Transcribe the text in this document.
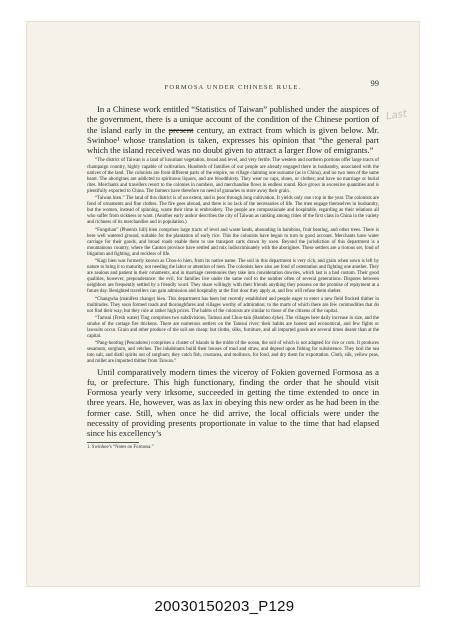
FORMOSA UNDER CHINESE RULE.	99
Last

In a Chinese work entitled “Statistics of Taiwan” published under the auspices of the government, there is a unique account of the condition of the Chinese portion of the island early in the present century, an extract from which is given below. Mr. Swinhoe¹ whose translation is taken, expresses his opinion that “the general part which the island received was no doubt given to attract a larger flow of emigrants.”

“The district of Taiwan is a land of luxuriant vegetation, broad and level, and very fertile. The western and northern portions offer large tracts of champaign country, highly capable of cultivation. Hundreds of families of our people are already engaged there in husbandry, associated with the natives of the land. The colonists are from different parts of the empire, no village claiming one surname (as in China), and no two men of the same heart. The aborigines are addicted to spirituous liquors, and are bloodthirsty. They wear no caps, shoes, or clothes; and have no marriage or burial rites. Merchants and travellers resort to the colonies in numbers, and merchandise flows in endless round. Rice grows in excessive quantities and is plentifully exported to China. The farmers have therefore no need of granaries to store away their grain.

“Taiwan hien.” The land of this district is of no extent, and is poor through long cultivation. It yields only one crop in the year. The colonists are fond of ornaments and fine clothes. The fire goes abroad, and there is no lack of the necessaries of life. The men engage themselves in husbandry, but the women, instead of spinning, waste their time in embroidery. The people are compassionate and hospitable, regarding as their relations all who suffer from sickness or want. (Another early author describes the city of Taiwan as ranking among cities of the first class in China in the variety and richness of its merchandise and in population.)

“Fungshan” (Phoenix hill) hien comprises large tracts of level and waste lands, abounding in bamboos, fruit bearing, and other trees. There is here well watered ground, suitable for the plantation of early rice. This the colonists have begun to turn to good account. Merchants have water carriage for their goods, and broad roads enable them to use transport carts drawn by oxen. Beyond the jurisdiction of this department is a mountainous country, where the Canton province have settled and mix indiscriminately with the aborigines. These settlers are a riotous set, fond of litigation and fighting, and reckless of life.

“Kagi hien was formerly known as Chou-lo hien, from its native name. The soil in this department is very rich, and grain when sown is left by nature to bring it to maturity, not needing the labor or attention of men. The colonists here also are fond of ostentation and fighting one another. They are zealous and patient in their ornaments, and in marriage ceremonies they take into consideration dowries, which last is a bad custom. Their good qualities, however, preponderance: the evil, for families live under the same roof to the number often of several generations. Disputes between neighbors are frequently settled by a friendly word. They share willingly with their friends anything they possess on the promise of repayment at a future day. Benighted travellers can gain admission and hospitality at the first door they apply at, and few will refuse them shelter.

“Changwha (manifest change) hien. This department has been but recently established and people eager to enter a new field flocked thither in multitudes. They soon formed roads and thoroughfares and villages worthy of admiration; to the marts of which there are few commodities that do not find their way, but they rule at rather high prices. The habits of the colonists are similar to those of the citizens of the capital.

“Tamsui (Fresh water) Ting comprises two subdivisions, Tamsui and Chuo-tain (Bamboo dyke). The villages here daily increase in size, and the smoke of the cottage fire thickens. There are numerous settlers on the Tamsui river; their habits are honest and economical, and few fights or lawsuits occur. Grain and other produce of the soil are cheap; but cloths, silks, furniture, and all imported goods are several times dearer than at the capital.

“Pang-hooting (Pescadores) comprises a cluster of islands in the midst of the ocean, the soil of which is not adapted for rice or corn. It produces sesamum, sorghum, and vetches. The inhabitants build their houses of mud and straw, and depend upon fishing for subsistence. They boil the sea into salt, and distil spirits out of sorghum; they catch fish, crustacea, and molluscs, for food, and dry them for exportation. Cloth, silk, yellow peas, and millet are imported thither from Taiwan.”

Until comparatively modern times the viceroy of Fokien governed Formosa as a fu, or prefecture. This high functionary, finding the order that he should visit Formosa yearly very irksome, succeeded in getting the time extended to once in three years. He, however, was as lax in obeying this new order as he had been in the former case. Still, when once he did arrive, the local officials were under the necessity of providing presents proportionate in value to the time that had elapsed since his excellency’s

1. Swinhoe’s “Notes on Formosa.”
20030150203_P129
